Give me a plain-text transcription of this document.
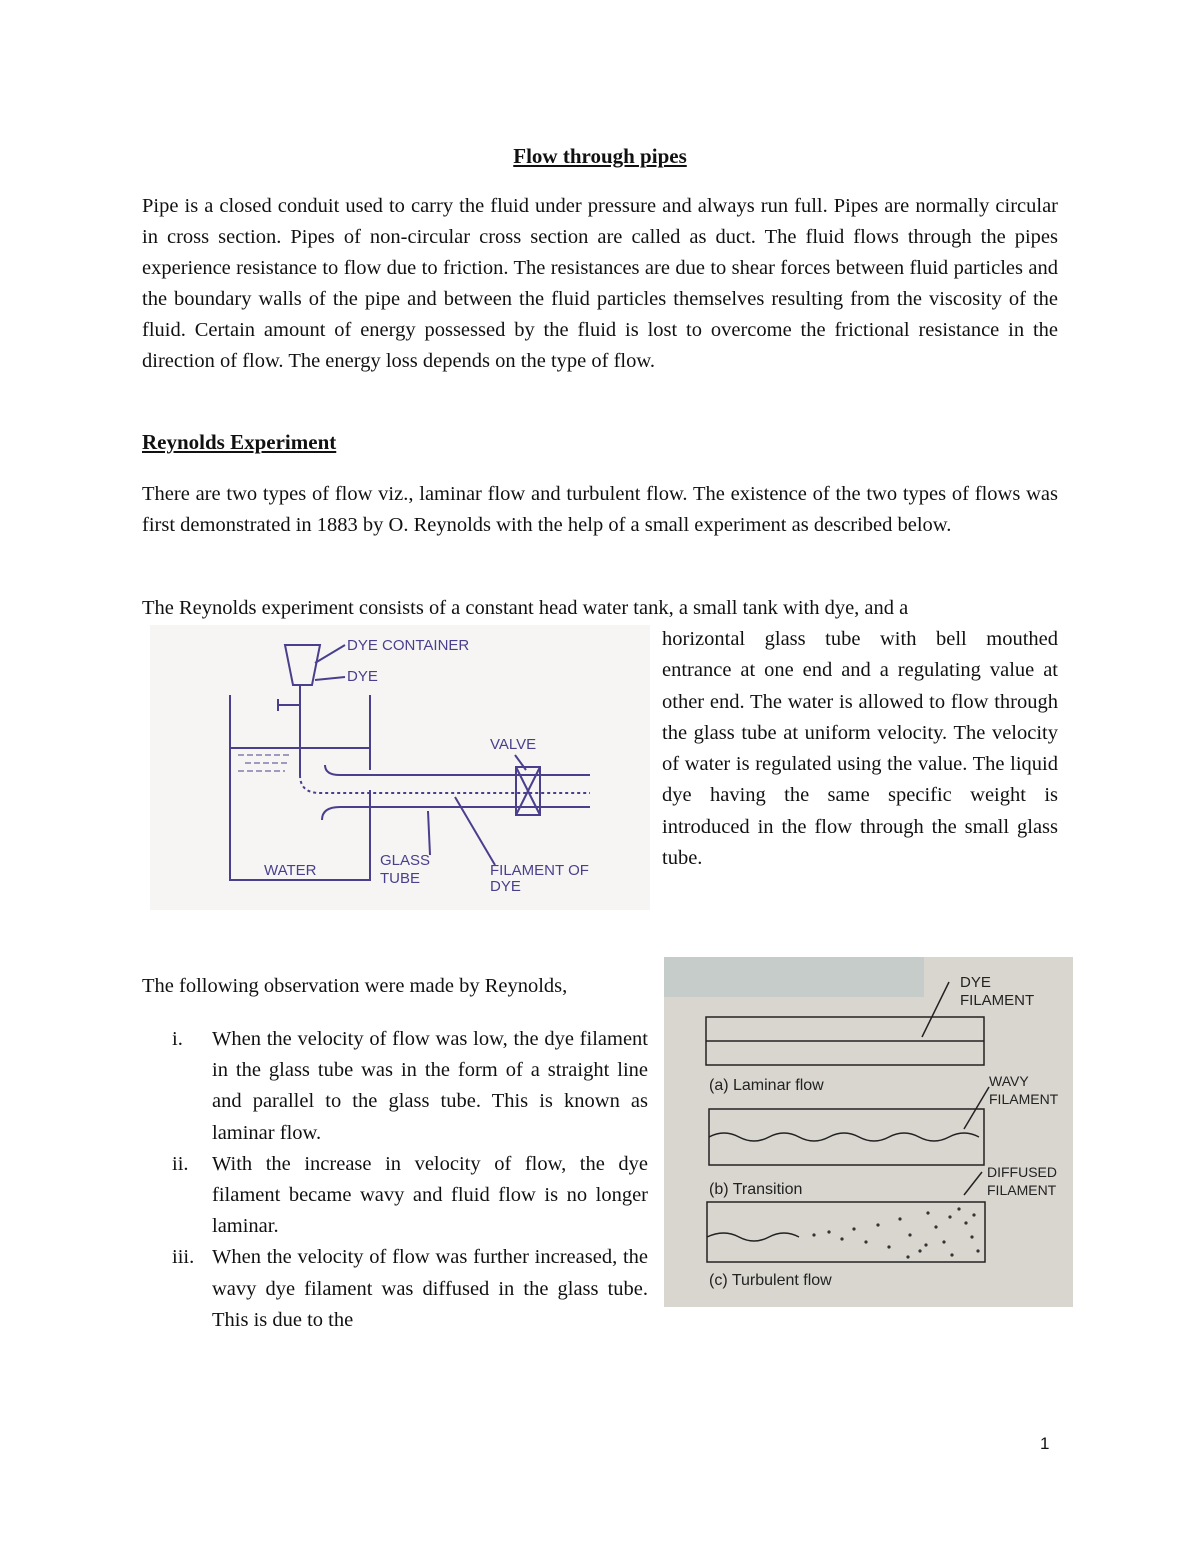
Flow through pipes
Pipe is a closed conduit used to carry the fluid under pressure and always run full. Pipes are normally circular in cross section. Pipes of non-circular cross section are called as duct. The fluid flows through the pipes experience resistance to flow due to friction. The resistances are due to shear forces between fluid particles and the boundary walls of the pipe and between the fluid particles themselves resulting from the viscosity of the fluid. Certain amount of energy possessed by the fluid is lost to overcome the frictional resistance in the direction of flow. The energy loss depends on the type of flow.
Reynolds Experiment
There are two types of flow viz., laminar flow and turbulent flow. The existence of the two types of flows was first demonstrated in 1883 by O. Reynolds with the help of a small experiment as described below.
The Reynolds experiment consists of a constant head water tank, a small tank with dye, and a
DYE CONTAINER
DYE
VALVE
WATER
GLASS
TUBE	FILAMENT OF
DYE
horizontal glass tube with bell mouthed entrance at one end and a regulating value at other end. The water is allowed to flow through the glass tube at uniform velocity. The velocity of water is regulated using the value. The liquid dye having the same specific weight is introduced in the flow through the small glass tube.
The following observation were made by Reynolds,
i.	When the velocity of flow was low, the dye filament in the glass tube was in the form of a straight line and parallel to the glass tube. This is known as laminar flow.
ii.	With the increase in velocity of flow, the dye filament became wavy and fluid flow is no longer laminar.
iii. When the velocity of flow was further increased, the wavy dye filament was diffused in the glass tube. This is due to the
DYE
FILAMENT
(a) Laminar flow	WAVY
FILAMENT
(b) Transition
DIFFUSED
FILAMENT
(c) Turbulent flow
1
